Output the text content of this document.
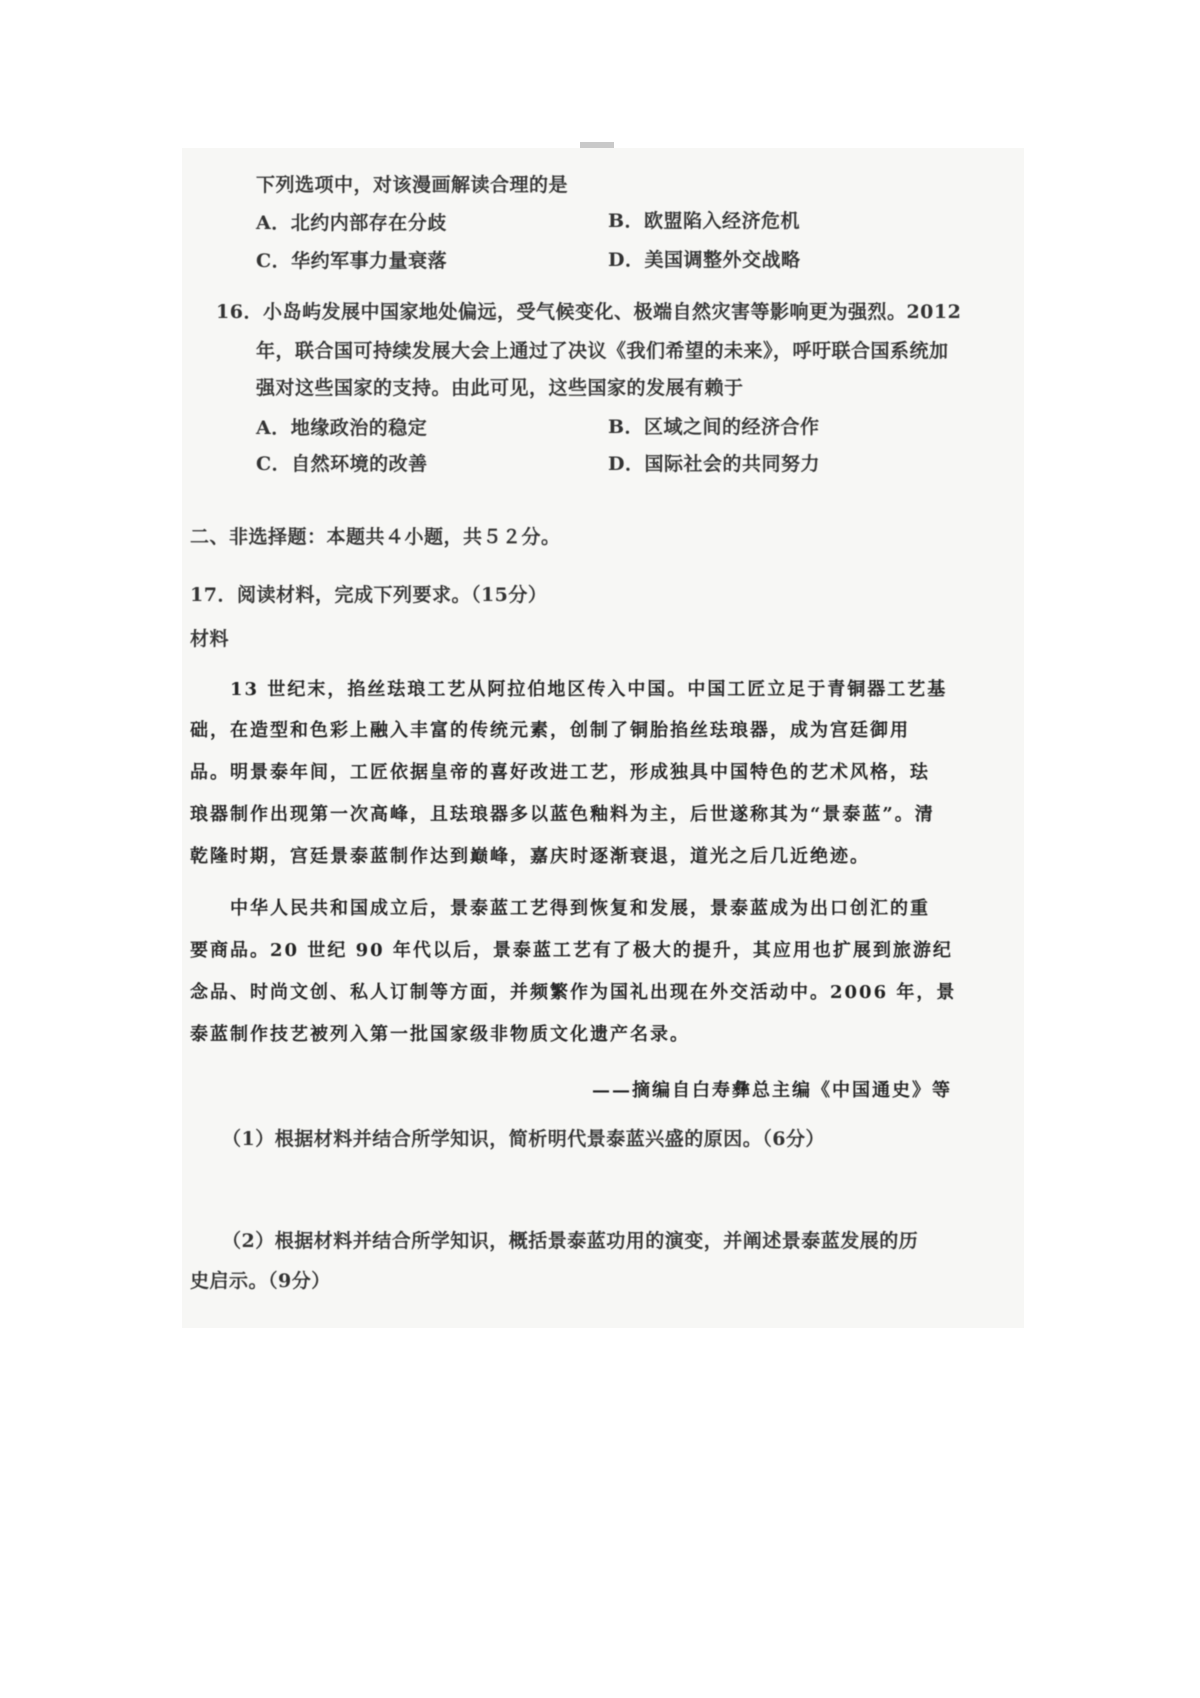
下列选项中，对该漫画解读合理的是
A．北约内部存在分歧	B．欧盟陷入经济危机
C．华约军事力量衰落	D．美国调整外交战略
16．小岛屿发展中国家地处偏远，受气候变化、极端自然灾害等影响更为强烈。2012
年，联合国可持续发展大会上通过了决议《我们希望的未来》，呼吁联合国系统加
强对这些国家的支持。由此可见，这些国家的发展有赖于
A．地缘政治的稳定	B．区域之间的经济合作
C．自然环境的改善	D．国际社会的共同努力
二、非选择题：本题共４小题，共５２分。
17．阅读材料，完成下列要求。（15分）
材料
13 世纪末，掐丝珐琅工艺从阿拉伯地区传入中国。中国工匠立足于青铜器工艺基
础，在造型和色彩上融入丰富的传统元素，创制了铜胎掐丝珐琅器，成为宫廷御用
品。明景泰年间，工匠依据皇帝的喜好改进工艺，形成独具中国特色的艺术风格，珐
琅器制作出现第一次高峰，且珐琅器多以蓝色釉料为主，后世遂称其为“景泰蓝”。清
乾隆时期，宫廷景泰蓝制作达到巅峰，嘉庆时逐渐衰退，道光之后几近绝迹。
中华人民共和国成立后，景泰蓝工艺得到恢复和发展，景泰蓝成为出口创汇的重
要商品。20 世纪 90 年代以后，景泰蓝工艺有了极大的提升，其应用也扩展到旅游纪
念品、时尚文创、私人订制等方面，并频繁作为国礼出现在外交活动中。2006 年，景
泰蓝制作技艺被列入第一批国家级非物质文化遗产名录。
——摘编自白寿彝总主编《中国通史》等
（1）根据材料并结合所学知识，简析明代景泰蓝兴盛的原因。（6分）
（2）根据材料并结合所学知识，概括景泰蓝功用的演变，并阐述景泰蓝发展的历
史启示。（9分）
